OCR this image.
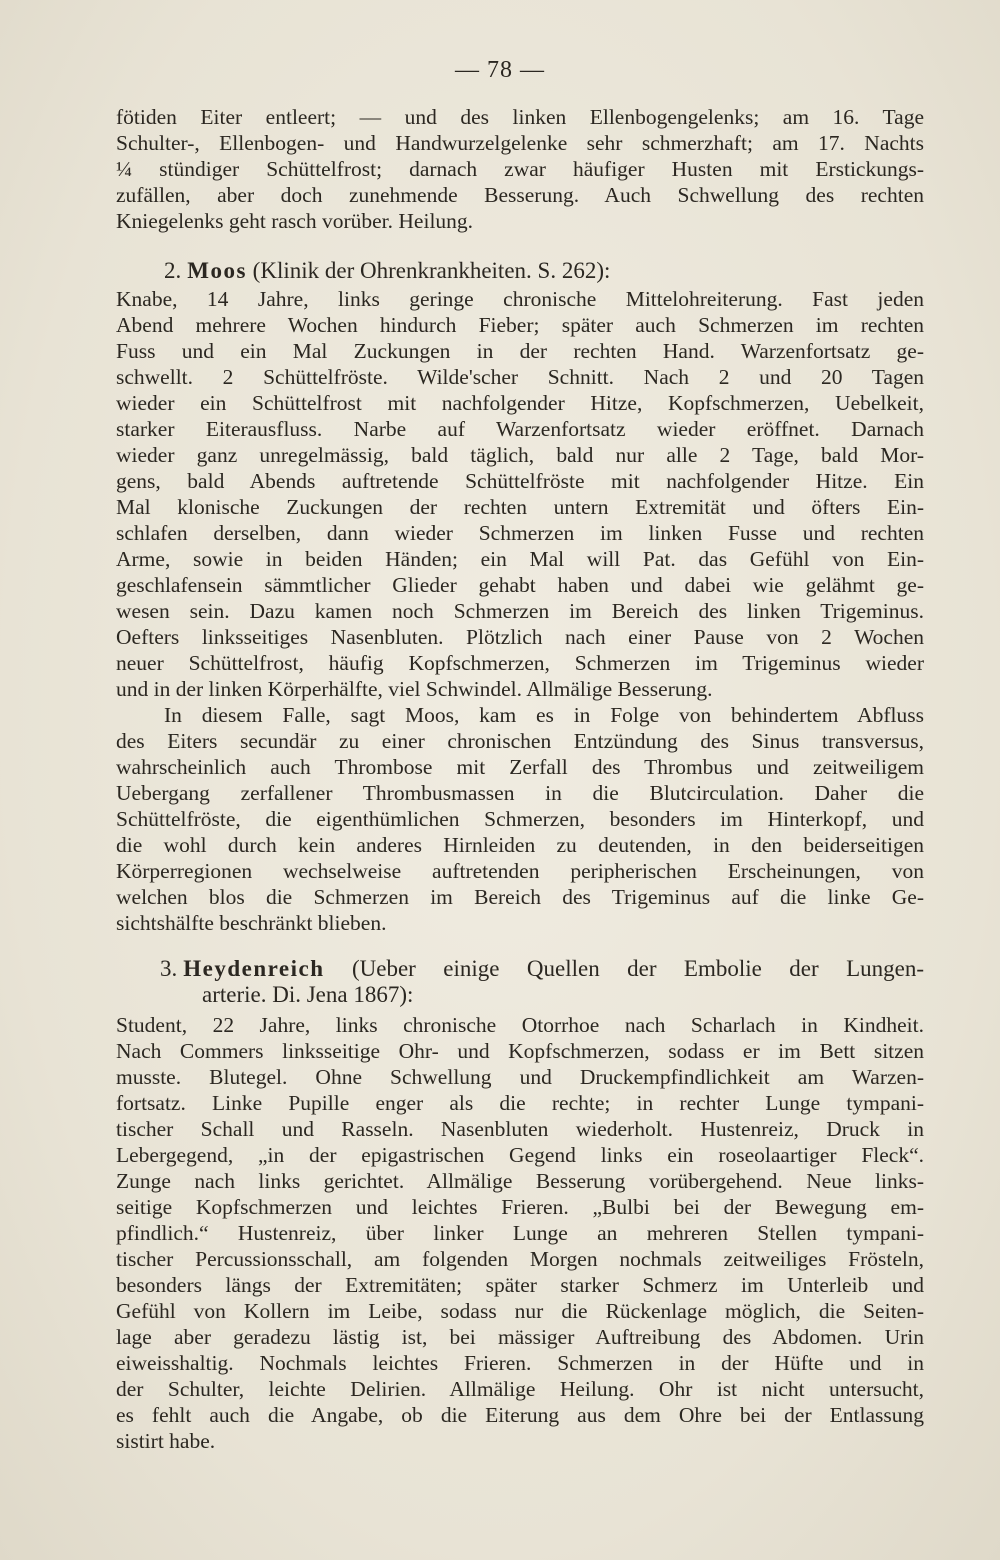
— 78 —
fötiden Eiter entleert; — und des linken Ellenbogengelenks; am 16. Tage
Schulter-, Ellenbogen- und Handwurzelgelenke sehr schmerzhaft; am 17. Nachts
¼ stündiger Schüttelfrost; darnach zwar häufiger Husten mit Erstickungs-
zufällen, aber doch zunehmende Besserung. Auch Schwellung des rechten
Kniegelenks geht rasch vorüber. Heilung.
2. Moos (Klinik der Ohrenkrankheiten. S. 262):
Knabe, 14 Jahre, links geringe chronische Mittelohreiterung. Fast jeden
Abend mehrere Wochen hindurch Fieber; später auch Schmerzen im rechten
Fuss und ein Mal Zuckungen in der rechten Hand. Warzenfortsatz ge-
schwellt. 2 Schüttelfröste. Wilde'scher Schnitt. Nach 2 und 20 Tagen
wieder ein Schüttelfrost mit nachfolgender Hitze, Kopfschmerzen, Uebelkeit,
starker Eiterausfluss. Narbe auf Warzenfortsatz wieder eröffnet. Darnach
wieder ganz unregelmässig, bald täglich, bald nur alle 2 Tage, bald Mor-
gens, bald Abends auftretende Schüttelfröste mit nachfolgender Hitze. Ein
Mal klonische Zuckungen der rechten untern Extremität und öfters Ein-
schlafen derselben, dann wieder Schmerzen im linken Fusse und rechten
Arme, sowie in beiden Händen; ein Mal will Pat. das Gefühl von Ein-
geschlafensein sämmtlicher Glieder gehabt haben und dabei wie gelähmt ge-
wesen sein. Dazu kamen noch Schmerzen im Bereich des linken Trigeminus.
Oefters linksseitiges Nasenbluten. Plötzlich nach einer Pause von 2 Wochen
neuer Schüttelfrost, häufig Kopfschmerzen, Schmerzen im Trigeminus wieder
und in der linken Körperhälfte, viel Schwindel. Allmälige Besserung.
In diesem Falle, sagt Moos, kam es in Folge von behindertem Abfluss
des Eiters secundär zu einer chronischen Entzündung des Sinus transversus,
wahrscheinlich auch Thrombose mit Zerfall des Thrombus und zeitweiligem
Uebergang zerfallener Thrombusmassen in die Blutcirculation. Daher die
Schüttelfröste, die eigenthümlichen Schmerzen, besonders im Hinterkopf, und
die wohl durch kein anderes Hirnleiden zu deutenden, in den beiderseitigen
Körperregionen wechselweise auftretenden peripherischen Erscheinungen, von
welchen blos die Schmerzen im Bereich des Trigeminus auf die linke Ge-
sichtshälfte beschränkt blieben.
3. Heydenreich (Ueber einige Quellen der Embolie der Lungen-
arterie. Di. Jena 1867):
Student, 22 Jahre, links chronische Otorrhoe nach Scharlach in Kindheit.
Nach Commers linksseitige Ohr- und Kopfschmerzen, sodass er im Bett sitzen
musste. Blutegel. Ohne Schwellung und Druckempfindlichkeit am Warzen-
fortsatz. Linke Pupille enger als die rechte; in rechter Lunge tympani-
tischer Schall und Rasseln. Nasenbluten wiederholt. Hustenreiz, Druck in
Lebergegend, „in der epigastrischen Gegend links ein roseolaartiger Fleck“.
Zunge nach links gerichtet. Allmälige Besserung vorübergehend. Neue links-
seitige Kopfschmerzen und leichtes Frieren. „Bulbi bei der Bewegung em-
pfindlich.“ Hustenreiz, über linker Lunge an mehreren Stellen tympani-
tischer Percussionsschall, am folgenden Morgen nochmals zeitweiliges Frösteln,
besonders längs der Extremitäten; später starker Schmerz im Unterleib und
Gefühl von Kollern im Leibe, sodass nur die Rückenlage möglich, die Seiten-
lage aber geradezu lästig ist, bei mässiger Auftreibung des Abdomen. Urin
eiweisshaltig. Nochmals leichtes Frieren. Schmerzen in der Hüfte und in
der Schulter, leichte Delirien. Allmälige Heilung. Ohr ist nicht untersucht,
es fehlt auch die Angabe, ob die Eiterung aus dem Ohre bei der Entlassung
sistirt habe.
